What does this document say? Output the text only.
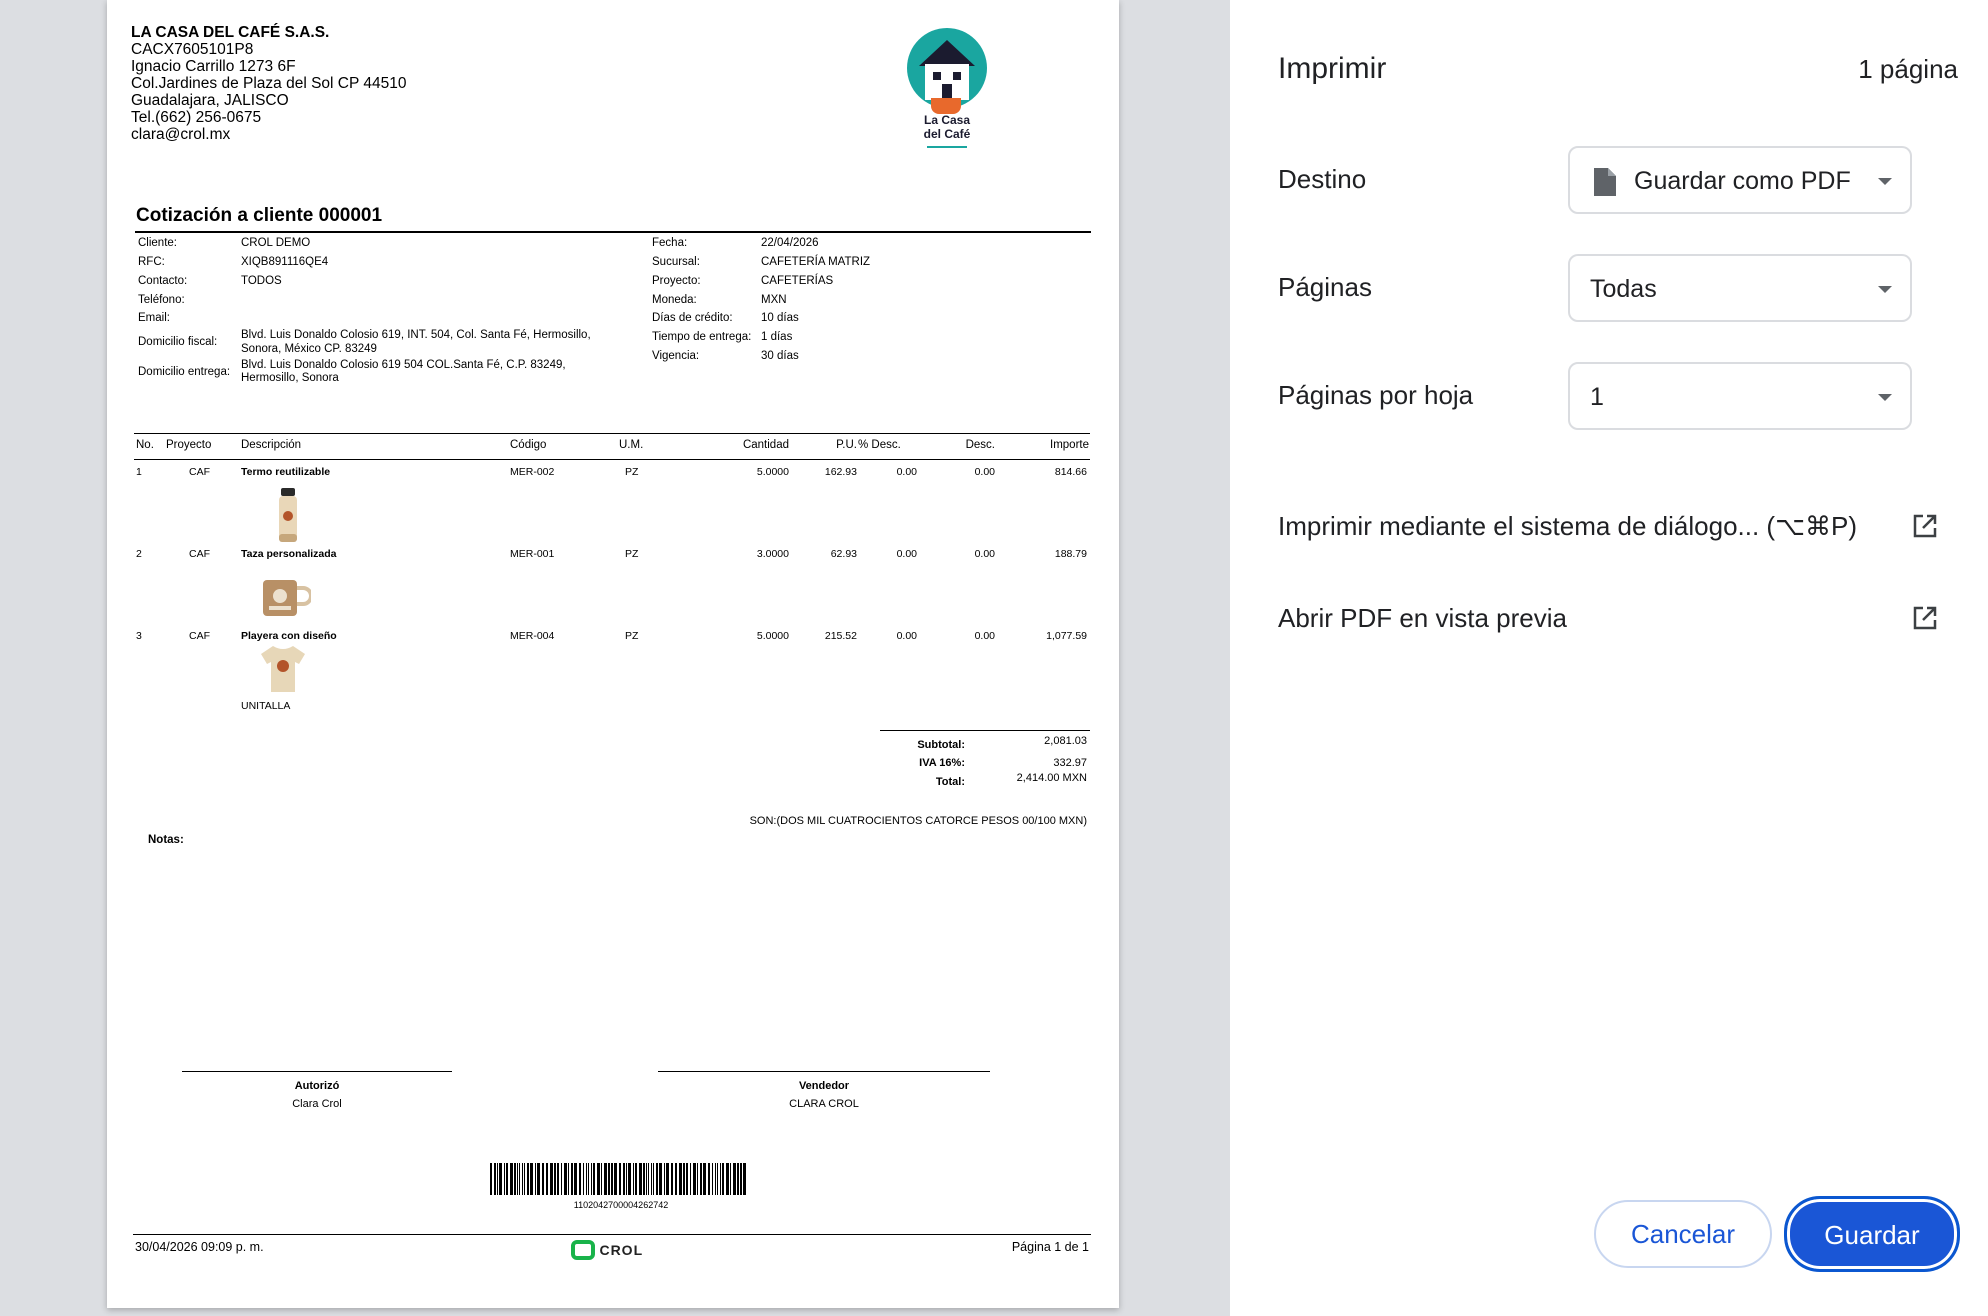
LA CASA DEL CAFÉ S.A.S.
CACX7605101P8
Ignacio Carrillo 1273 6F
Col.Jardines de Plaza del Sol CP 44510
Guadalajara, JALISCO
Tel.(662) 256-0675
clara@crol.mx
La Casa
del Café
Cotización a cliente 000001
Cliente:	CROL DEMO
RFC:	XIQB891116QE4
Contacto:	TODOS
Teléfono:
Email:
Domicilio fiscal:
Blvd. Luis Donaldo Colosio 619, INT. 504, Col. Santa Fé, Hermosillo,
Sonora, México CP. 83249
Domicilio entrega:
Blvd. Luis Donaldo Colosio 619 504 COL.Santa Fé, C.P. 83249,
Hermosillo, Sonora
Fecha:	22/04/2026
Sucursal:	CAFETERÍA MATRIZ
Proyecto:	CAFETERÍAS
Moneda:	MXN
Días de crédito: 10 días
Tiempo de entrega: 1 días
Vigencia:	30 días
No. Proyecto	Descripción	Código	U.M.	Cantidad	P.U. % Desc.	Desc.	Importe
1	CAF	Termo reutilizable	MER-002	PZ	5.0000	162.93	0.00	0.00	814.66
2	CAF	Taza personalizada	MER-001	PZ	3.0000	62.93	0.00	0.00	188.79
3	CAF	Playera con diseño	MER-004	PZ	5.0000	215.52	0.00	0.00	1,077.59
UNITALLA
Subtotal:	2,081.03
IVA 16%:	332.97
Total:	2,414.00 MXN
SON:(DOS MIL CUATROCIENTOS CATORCE PESOS 00/100 MXN)
Notas:
Autorizó
Clara Crol
Vendedor
CLARA CROL
1102042700004262742
30/04/2026 09:09 p. m.	CROL	Página 1 de 1
Imprimir	1 página
Destino	Guardar como PDF
Páginas	Todas
Páginas por hoja	1
Imprimir mediante el sistema de diálogo... (⌥⌘P)
Abrir PDF en vista previa
Cancelar	Guardar
